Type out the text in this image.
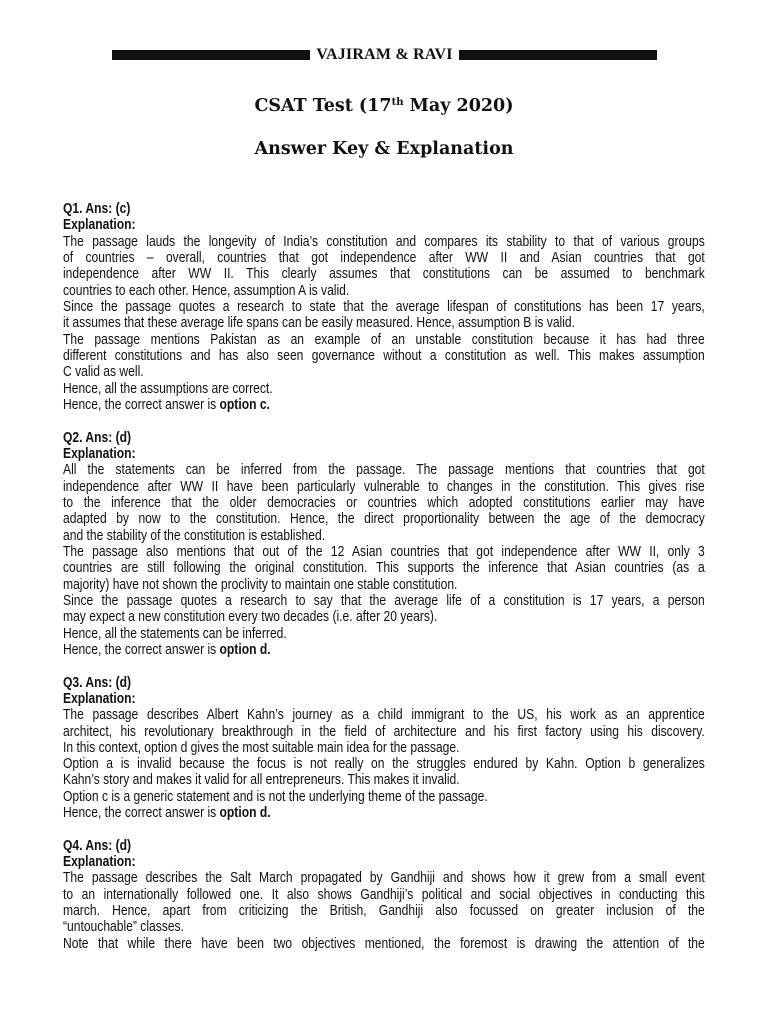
VAJIRAM & RAVI
CSAT Test (17th May 2020)
Answer Key & Explanation
Q1. Ans: (c)
Explanation:
The passage lauds the longevity of India’s constitution and compares its stability to that of various groups
of countries – overall, countries that got independence after WW II and Asian countries that got
independence after WW II. This clearly assumes that constitutions can be assumed to benchmark
countries to each other. Hence, assumption A is valid.
Since the passage quotes a research to state that the average lifespan of constitutions has been 17 years,
it assumes that these average life spans can be easily measured. Hence, assumption B is valid.
The passage mentions Pakistan as an example of an unstable constitution because it has had three
different constitutions and has also seen governance without a constitution as well. This makes assumption
C valid as well.
Hence, all the assumptions are correct.
Hence, the correct answer is option c.
Q2. Ans: (d)
Explanation:
All the statements can be inferred from the passage. The passage mentions that countries that got
independence after WW II have been particularly vulnerable to changes in the constitution. This gives rise
to the inference that the older democracies or countries which adopted constitutions earlier may have
adapted by now to the constitution. Hence, the direct proportionality between the age of the democracy
and the stability of the constitution is established.
The passage also mentions that out of the 12 Asian countries that got independence after WW II, only 3
countries are still following the original constitution. This supports the inference that Asian countries (as a
majority) have not shown the proclivity to maintain one stable constitution.
Since the passage quotes a research to say that the average life of a constitution is 17 years, a person
may expect a new constitution every two decades (i.e. after 20 years).
Hence, all the statements can be inferred.
Hence, the correct answer is option d.
Q3. Ans: (d)
Explanation:
The passage describes Albert Kahn’s journey as a child immigrant to the US, his work as an apprentice
architect, his revolutionary breakthrough in the field of architecture and his first factory using his discovery.
In this context, option d gives the most suitable main idea for the passage.
Option a is invalid because the focus is not really on the struggles endured by Kahn. Option b generalizes
Kahn’s story and makes it valid for all entrepreneurs. This makes it invalid.
Option c is a generic statement and is not the underlying theme of the passage.
Hence, the correct answer is option d.
Q4. Ans: (d)
Explanation:
The passage describes the Salt March propagated by Gandhiji and shows how it grew from a small event
to an internationally followed one. It also shows Gandhiji’s political and social objectives in conducting this
march. Hence, apart from criticizing the British, Gandhiji also focussed on greater inclusion of the
“untouchable” classes.
Note that while there have been two objectives mentioned, the foremost is drawing the attention of the
